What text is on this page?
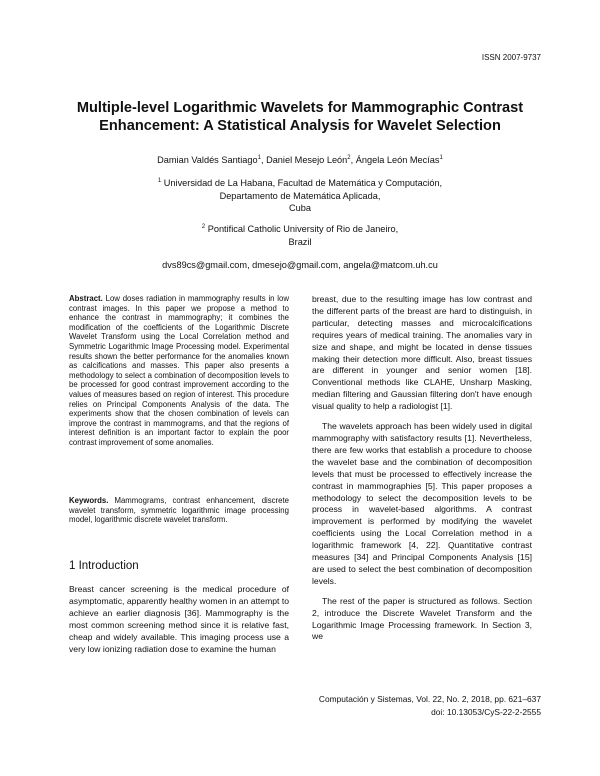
ISSN 2007-9737
Multiple-level Logarithmic Wavelets for Mammographic Contrast
Enhancement: A Statistical Analysis for Wavelet Selection
Damian Valdés Santiago$^1$, Daniel Mesejo León$^2$, Ángela León Mecías$^1$
$^1$ Universidad de La Habana, Facultad de Matemática y Computación,
Departamento de Matemática Aplicada,
Cuba
$^2$ Pontifical Catholic University of Rio de Janeiro,
Brazil
dvs89cs@gmail.com, dmesejo@gmail.com, angela@matcom.uh.cu
Abstract. Low doses radiation in mammography results in low contrast images. In this paper we propose a method to enhance the contrast in mammography; it combines the modification of the coefficients of the Logarithmic Discrete Wavelet Transform using the Local Correlation method and Symmetric Logarithmic Image Processing model. Experimental results shown the better performance for the anomalies known as calcifications and masses. This paper also presents a methodology to select a combination of decomposition levels to be processed for good contrast improvement according to the values of measures based on region of interest. This procedure relies on Principal Components Analysis of the data. The experiments show that the chosen combination of levels can improve the contrast in mammograms, and that the regions of interest definition is an important factor to explain the poor contrast improvement of some anomalies.
Keywords. Mammograms, contrast enhancement, discrete wavelet transform, symmetric logarithmic image processing model, logarithmic discrete wavelet transform.
1 Introduction
Breast cancer screening is the medical procedure of asymptomatic, apparently healthy women in an attempt to achieve an earlier diagnosis [36]. Mammography is the most common screening method since it is relative fast, cheap and widely available. This imaging process use a very low ionizing radiation dose to examine the human

breast, due to the resulting image has low contrast and the different parts of the breast are hard to distinguish, in particular, detecting masses and microcalcifications requires years of medical training. The anomalies vary in size and shape, and might be located in dense tissues making their detection more difficult. Also, breast tissues are different in younger and senior women [18]. Conventional methods like CLAHE, Unsharp Masking, median filtering and Gaussian filtering don't have enough visual quality to help a radiologist [1].

The wavelets approach has been widely used in digital mammography with satisfactory results [1]. Nevertheless, there are few works that establish a procedure to choose the wavelet base and the combination of decomposition levels that must be processed to effectively increase the contrast in mammographies [5]. This paper proposes a methodology to select the decomposition levels to be process in wavelet-based algorithms. A contrast improvement is performed by modifying the wavelet coefficients using the Local Correlation method in a logarithmic framework [4, 22]. Quantitative contrast measures [34] and Principal Components Analysis [15] are used to select the best combination of decomposition levels.

The rest of the paper is structured as follows. Section 2, introduce the Discrete Wavelet Transform and the Logarithmic Image Processing framework. In Section 3, we

Computación y Sistemas, Vol. 22, No. 2, 2018, pp. 621–637
doi: 10.13053/CyS-22-2-2555
